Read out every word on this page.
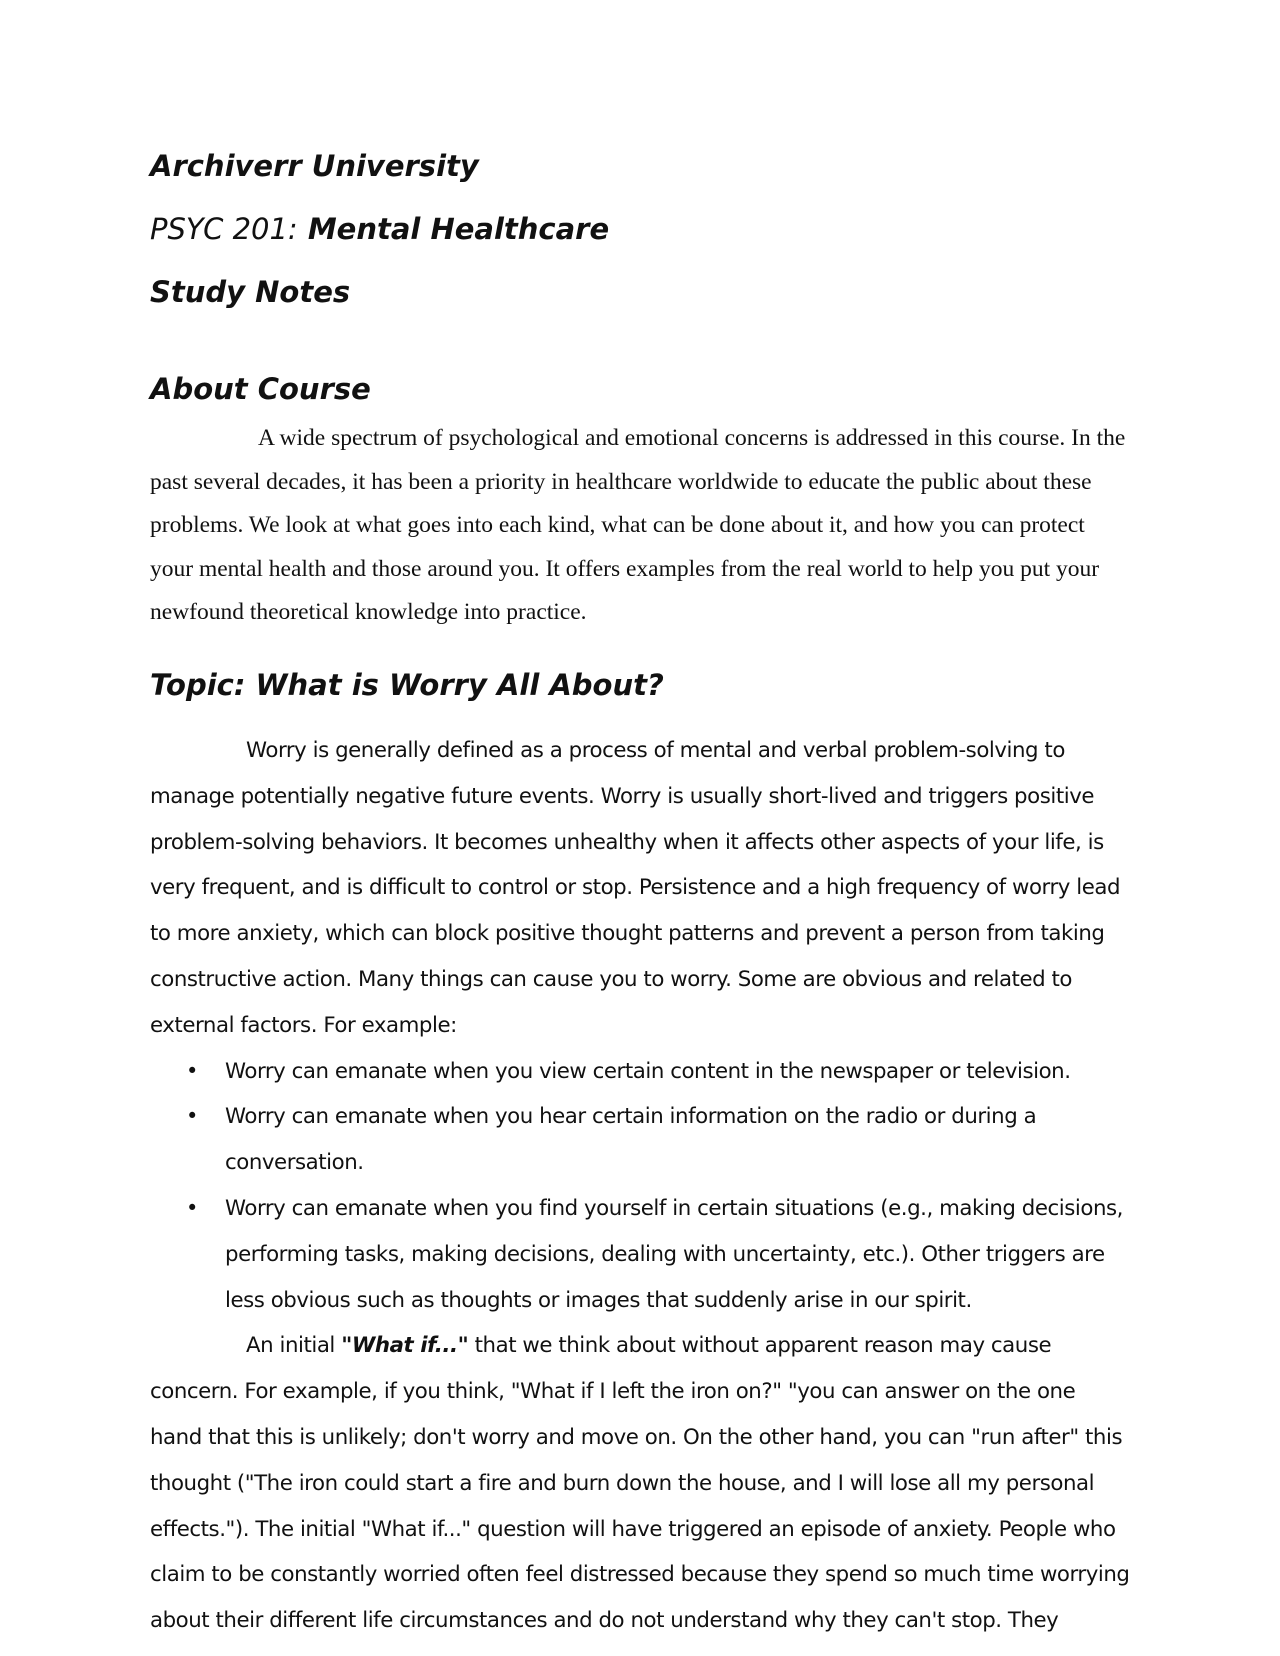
Archiverr University
PSYC 201: Mental Healthcare
Study Notes
About Course

A wide spectrum of psychological and emotional concerns is addressed in this course. In the past several decades, it has been a priority in healthcare worldwide to educate the public about these problems. We look at what goes into each kind, what can be done about it, and how you can protect your mental health and those around you. It offers examples from the real world to help you put your newfound theoretical knowledge into practice.

Topic: What is Worry All About?

Worry is generally defined as a process of mental and verbal problem-solving to manage potentially negative future events. Worry is usually short-lived and triggers positive problem-solving behaviors. It becomes unhealthy when it affects other aspects of your life, is very frequent, and is difficult to control or stop. Persistence and a high frequency of worry lead to more anxiety, which can block positive thought patterns and prevent a person from taking constructive action. Many things can cause you to worry. Some are obvious and related to external factors. For example:

• Worry can emanate when you view certain content in the newspaper or television.
• Worry can emanate when you hear certain information on the radio or during a conversation.
• Worry can emanate when you find yourself in certain situations (e.g., making decisions, performing tasks, making decisions, dealing with uncertainty, etc.). Other triggers are less obvious such as thoughts or images that suddenly arise in our spirit.

An initial "What if..." that we think about without apparent reason may cause concern. For example, if you think, "What if I left the iron on?" "you can answer on the one hand that this is unlikely; don't worry and move on. On the other hand, you can "run after" this thought ("The iron could start a fire and burn down the house, and I will lose all my personal effects."). The initial "What if..." question will have triggered an episode of anxiety. People who claim to be constantly worried often feel distressed because they spend so much time worrying about their different life circumstances and do not understand why they can't stop. They
